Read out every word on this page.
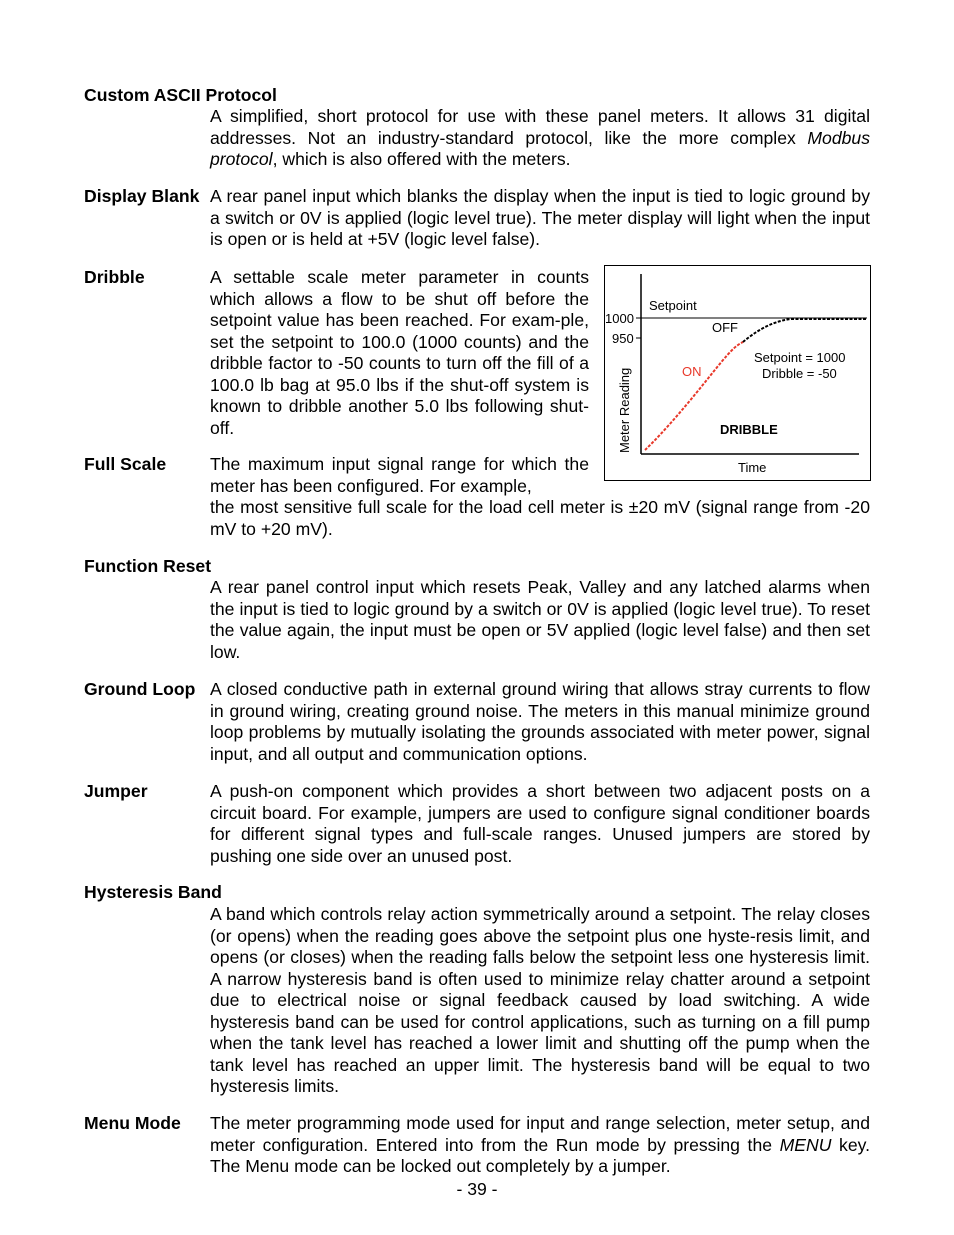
Custom ASCII Protocol
A simplified, short protocol for use with these panel meters. It allows 31 digital addresses. Not an industry-standard protocol, like the more complex Modbus protocol, which is also offered with the meters.
Display Blank A rear panel input which blanks the display when the input is tied to logic ground by a switch or 0V is applied (logic level true). The meter display will light when the input is open or is held at +5V (logic level false).
Dribble	A settable scale meter parameter in counts which allows a flow to be shut off before the setpoint value has been reached. For exam-ple, set the setpoint to 100.0 (1000 counts) and the dribble factor to -50 counts to turn off the fill of a 100.0 lb bag at 95.0 lbs if the shut-off system is known to dribble another 5.0 lbs following shut-off.
1000
950
Setpoint
OFF
ON
Setpoint = 1000
Dribble = -50
DRIBBLE
Time
Meter Reading
Full Scale The maximum input signal range for which the meter has been configured. For example,
the most sensitive full scale for the load cell meter is ±20 mV (signal range from -20 mV to +20 mV).
Function Reset
A rear panel control input which resets Peak, Valley and any latched alarms when the input is tied to logic ground by a switch or 0V is applied (logic level true). To reset the value again, the input must be open or 5V applied (logic level false) and then set low.
Ground Loop A closed conductive path in external ground wiring that allows stray currents to flow in ground wiring, creating ground noise. The meters in this manual minimize ground loop problems by mutually isolating the grounds associated with meter power, signal input, and all output and communication options.
Jumper	A push-on component which provides a short between two adjacent posts on a circuit board. For example, jumpers are used to configure signal conditioner boards for different signal types and full-scale ranges. Unused jumpers are stored by pushing one side over an unused post.
Hysteresis Band
A band which controls relay action symmetrically around a setpoint. The relay closes (or opens) when the reading goes above the setpoint plus one hyste-resis limit, and opens (or closes) when the reading falls below the setpoint less one hysteresis limit. A narrow hysteresis band is often used to minimize relay chatter around a setpoint due to electrical noise or signal feedback caused by load switching. A wide hysteresis band can be used for control applications, such as turning on a fill pump when the tank level has reached a lower limit and shutting off the pump when the tank level has reached an upper limit. The hysteresis band will be equal to two hysteresis limits.
Menu Mode The meter programming mode used for input and range selection, meter setup, and meter configuration. Entered into from the Run mode by pressing the MENU key. The Menu mode can be locked out completely by a jumper.
- 39 -
